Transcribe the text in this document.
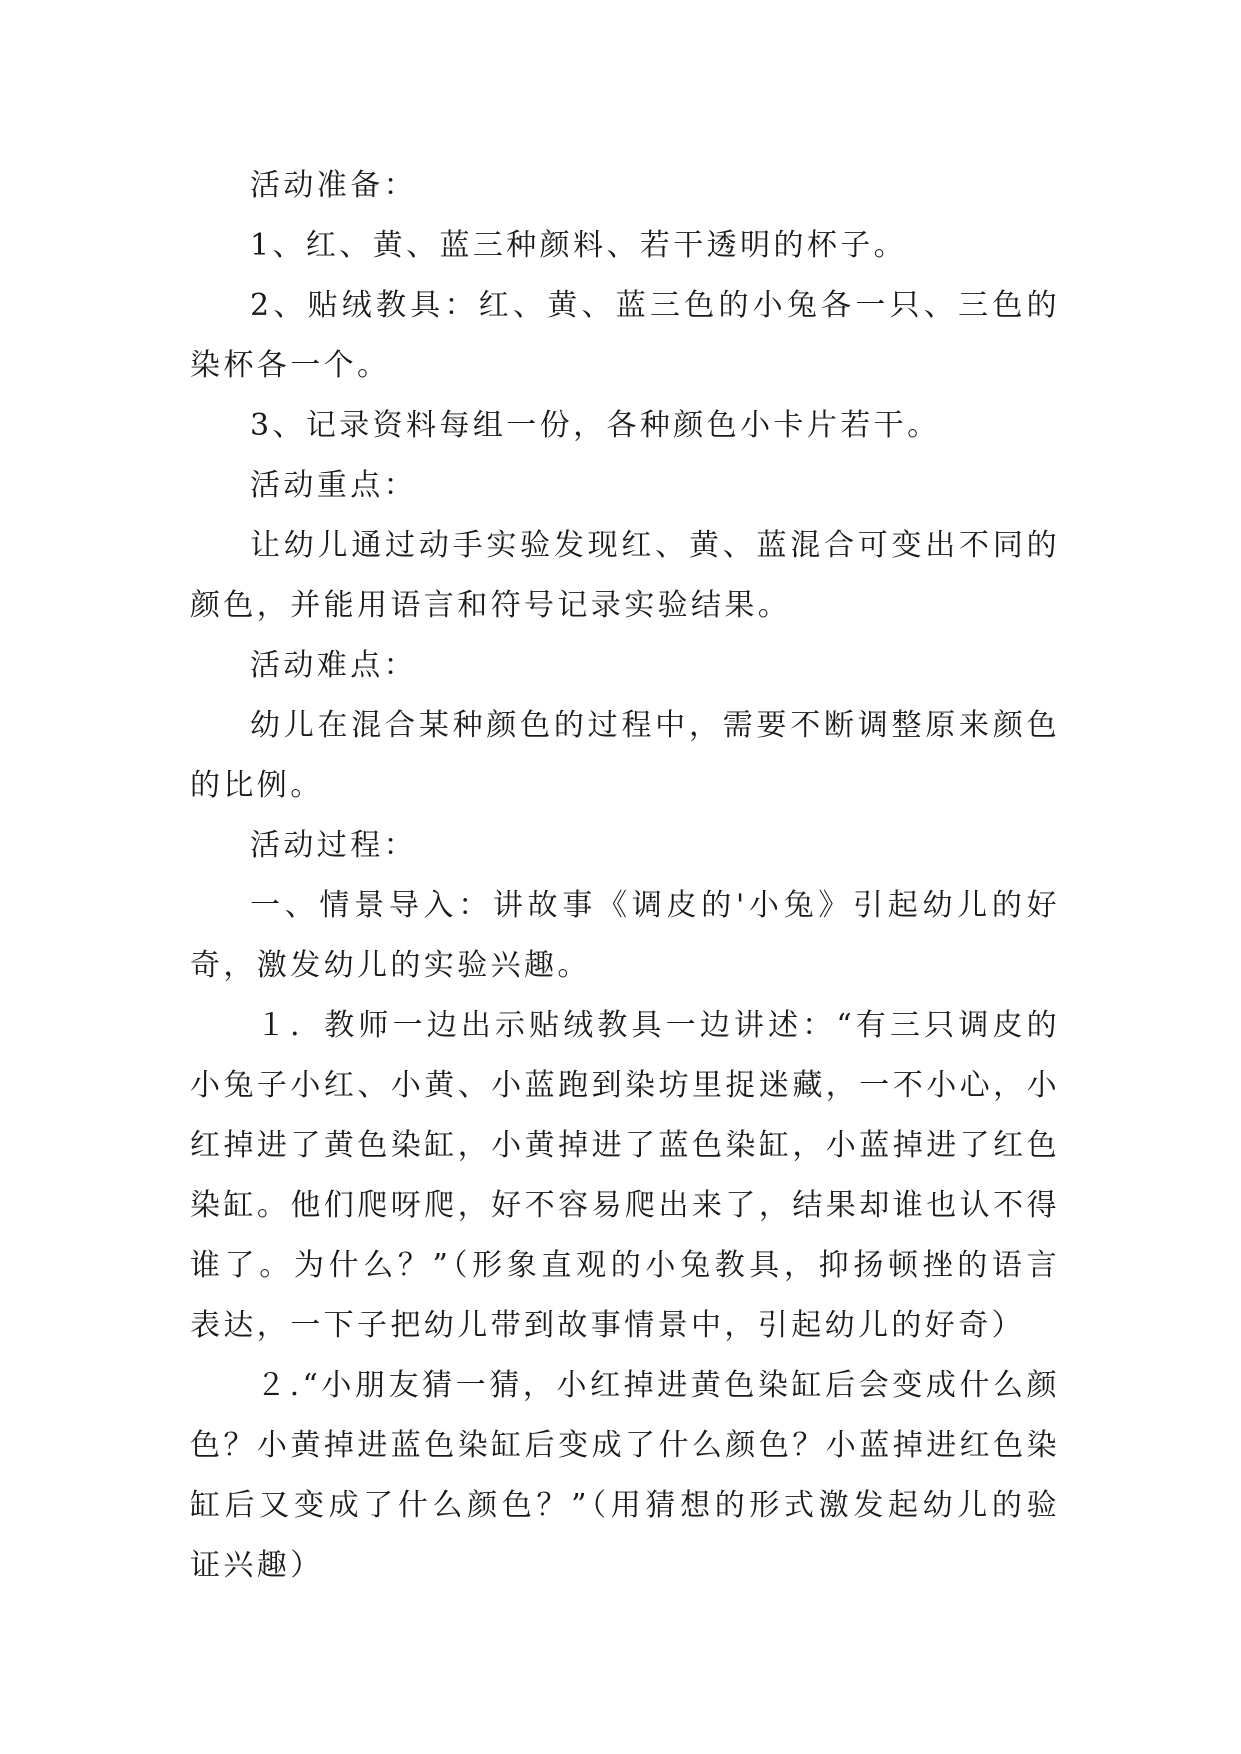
活动准备：

1、红、黄、蓝三种颜料、若干透明的杯子。

2、贴绒教具：红、黄、蓝三色的小兔各一只、三色的染杯各一个。

3、记录资料每组一份，各种颜色小卡片若干。

活动重点：

让幼儿通过动手实验发现红、黄、蓝混合可变出不同的颜色，并能用语言和符号记录实验结果。

活动难点：

幼儿在混合某种颜色的过程中，需要不断调整原来颜色的比例。

活动过程：

一、情景导入：讲故事《调皮的'小兔》引起幼儿的好奇，激发幼儿的实验兴趣。

１．教师一边出示贴绒教具一边讲述：“有三只调皮的小兔子小红、小黄、小蓝跑到染坊里捉迷藏，一不小心，小红掉进了黄色染缸，小黄掉进了蓝色染缸，小蓝掉进了红色染缸。他们爬呀爬，好不容易爬出来了，结果却谁也认不得谁了。为什么？”（形象直观的小兔教具，抑扬顿挫的语言表达，一下子把幼儿带到故事情景中，引起幼儿的好奇）

２.“小朋友猜一猜，小红掉进黄色染缸后会变成什么颜色？小黄掉进蓝色染缸后变成了什么颜色？小蓝掉进红色染缸后又变成了什么颜色？”（用猜想的形式激发起幼儿的验证兴趣）
